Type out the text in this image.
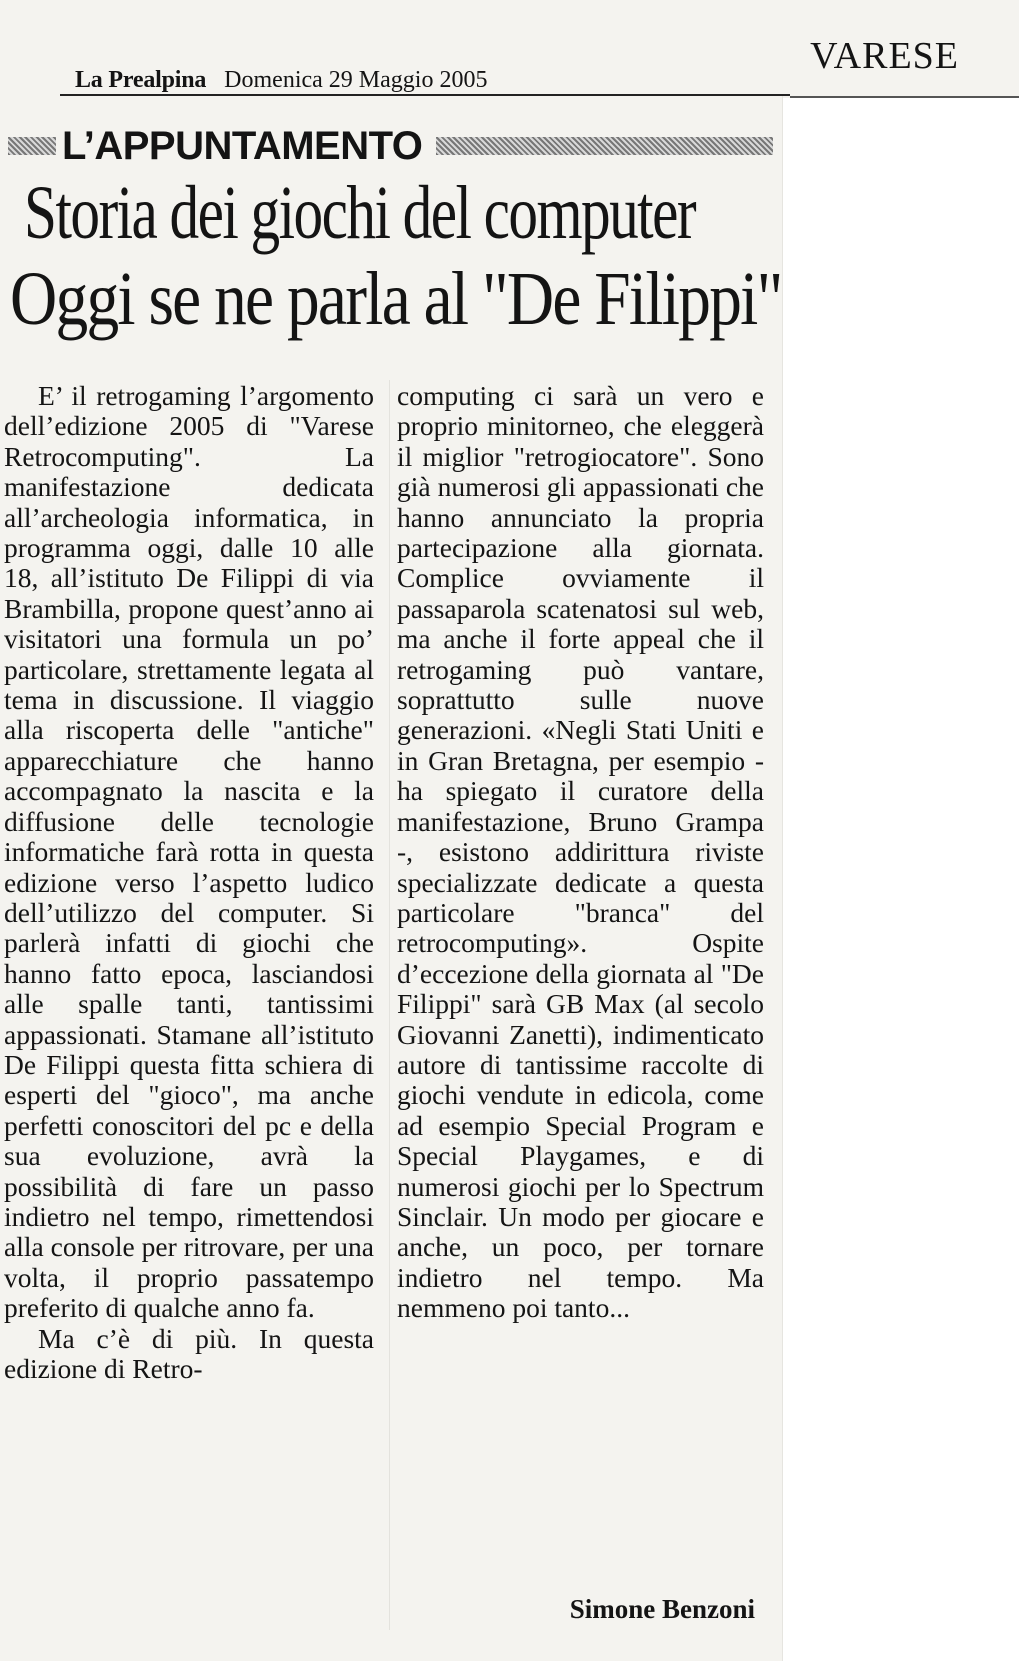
La Prealpina Domenica 29 Maggio 2005
VARESE
L’APPUNTAMENTO
Storia dei giochi del computer
Oggi se ne parla al "De Filippi"

E’ il retrogaming l’argomento dell’edizione 2005 di "Varese Retrocomputing". La manifestazione dedicata all’archeologia informatica, in programma oggi, dalle 10 alle 18, all’istituto De Filippi di via Brambilla, propone quest’anno ai visitatori una formula un po’ particolare, strettamente legata al tema in discussione. Il viaggio alla riscoperta delle "antiche" apparecchiature che hanno accompagnato la nascita e la diffusione delle tecnologie informatiche farà rotta in questa edizione verso l’aspetto ludico dell’utilizzo del computer. Si parlerà infatti di giochi che hanno fatto epoca, lasciandosi alle spalle tanti, tantissimi appassionati. Stamane all’istituto De Filippi questa fitta schiera di esperti del "gioco", ma anche perfetti conoscitori del pc e della sua evoluzione, avrà la possibilità di fare un passo indietro nel tempo, rimettendosi alla console per ritrovare, per una volta, il proprio passatempo preferito di qualche anno fa.

Ma c’è di più. In questa edizione di Retro-

computing ci sarà un vero e proprio minitorneo, che eleggerà il miglior "retrogiocatore". Sono già numerosi gli appassionati che hanno annunciato la propria partecipazione alla giornata. Complice ovviamente il passaparola scatenatosi sul web, ma anche il forte appeal che il retrogaming può vantare, soprattutto sulle nuove generazioni. «Negli Stati Uniti e in Gran Bretagna, per esempio - ha spiegato il curatore della manifestazione, Bruno Grampa -, esistono addirittura riviste specializzate dedicate a questa particolare "branca" del retrocomputing». Ospite d’eccezione della giornata al "De Filippi" sarà GB Max (al secolo Giovanni Zanetti), indimenticato autore di tantissime raccolte di giochi vendute in edicola, come ad esempio Special Program e Special Playgames, e di numerosi giochi per lo Spectrum Sinclair. Un modo per giocare e anche, un poco, per tornare indietro nel tempo. Ma nemmeno poi tanto...

Simone Benzoni
